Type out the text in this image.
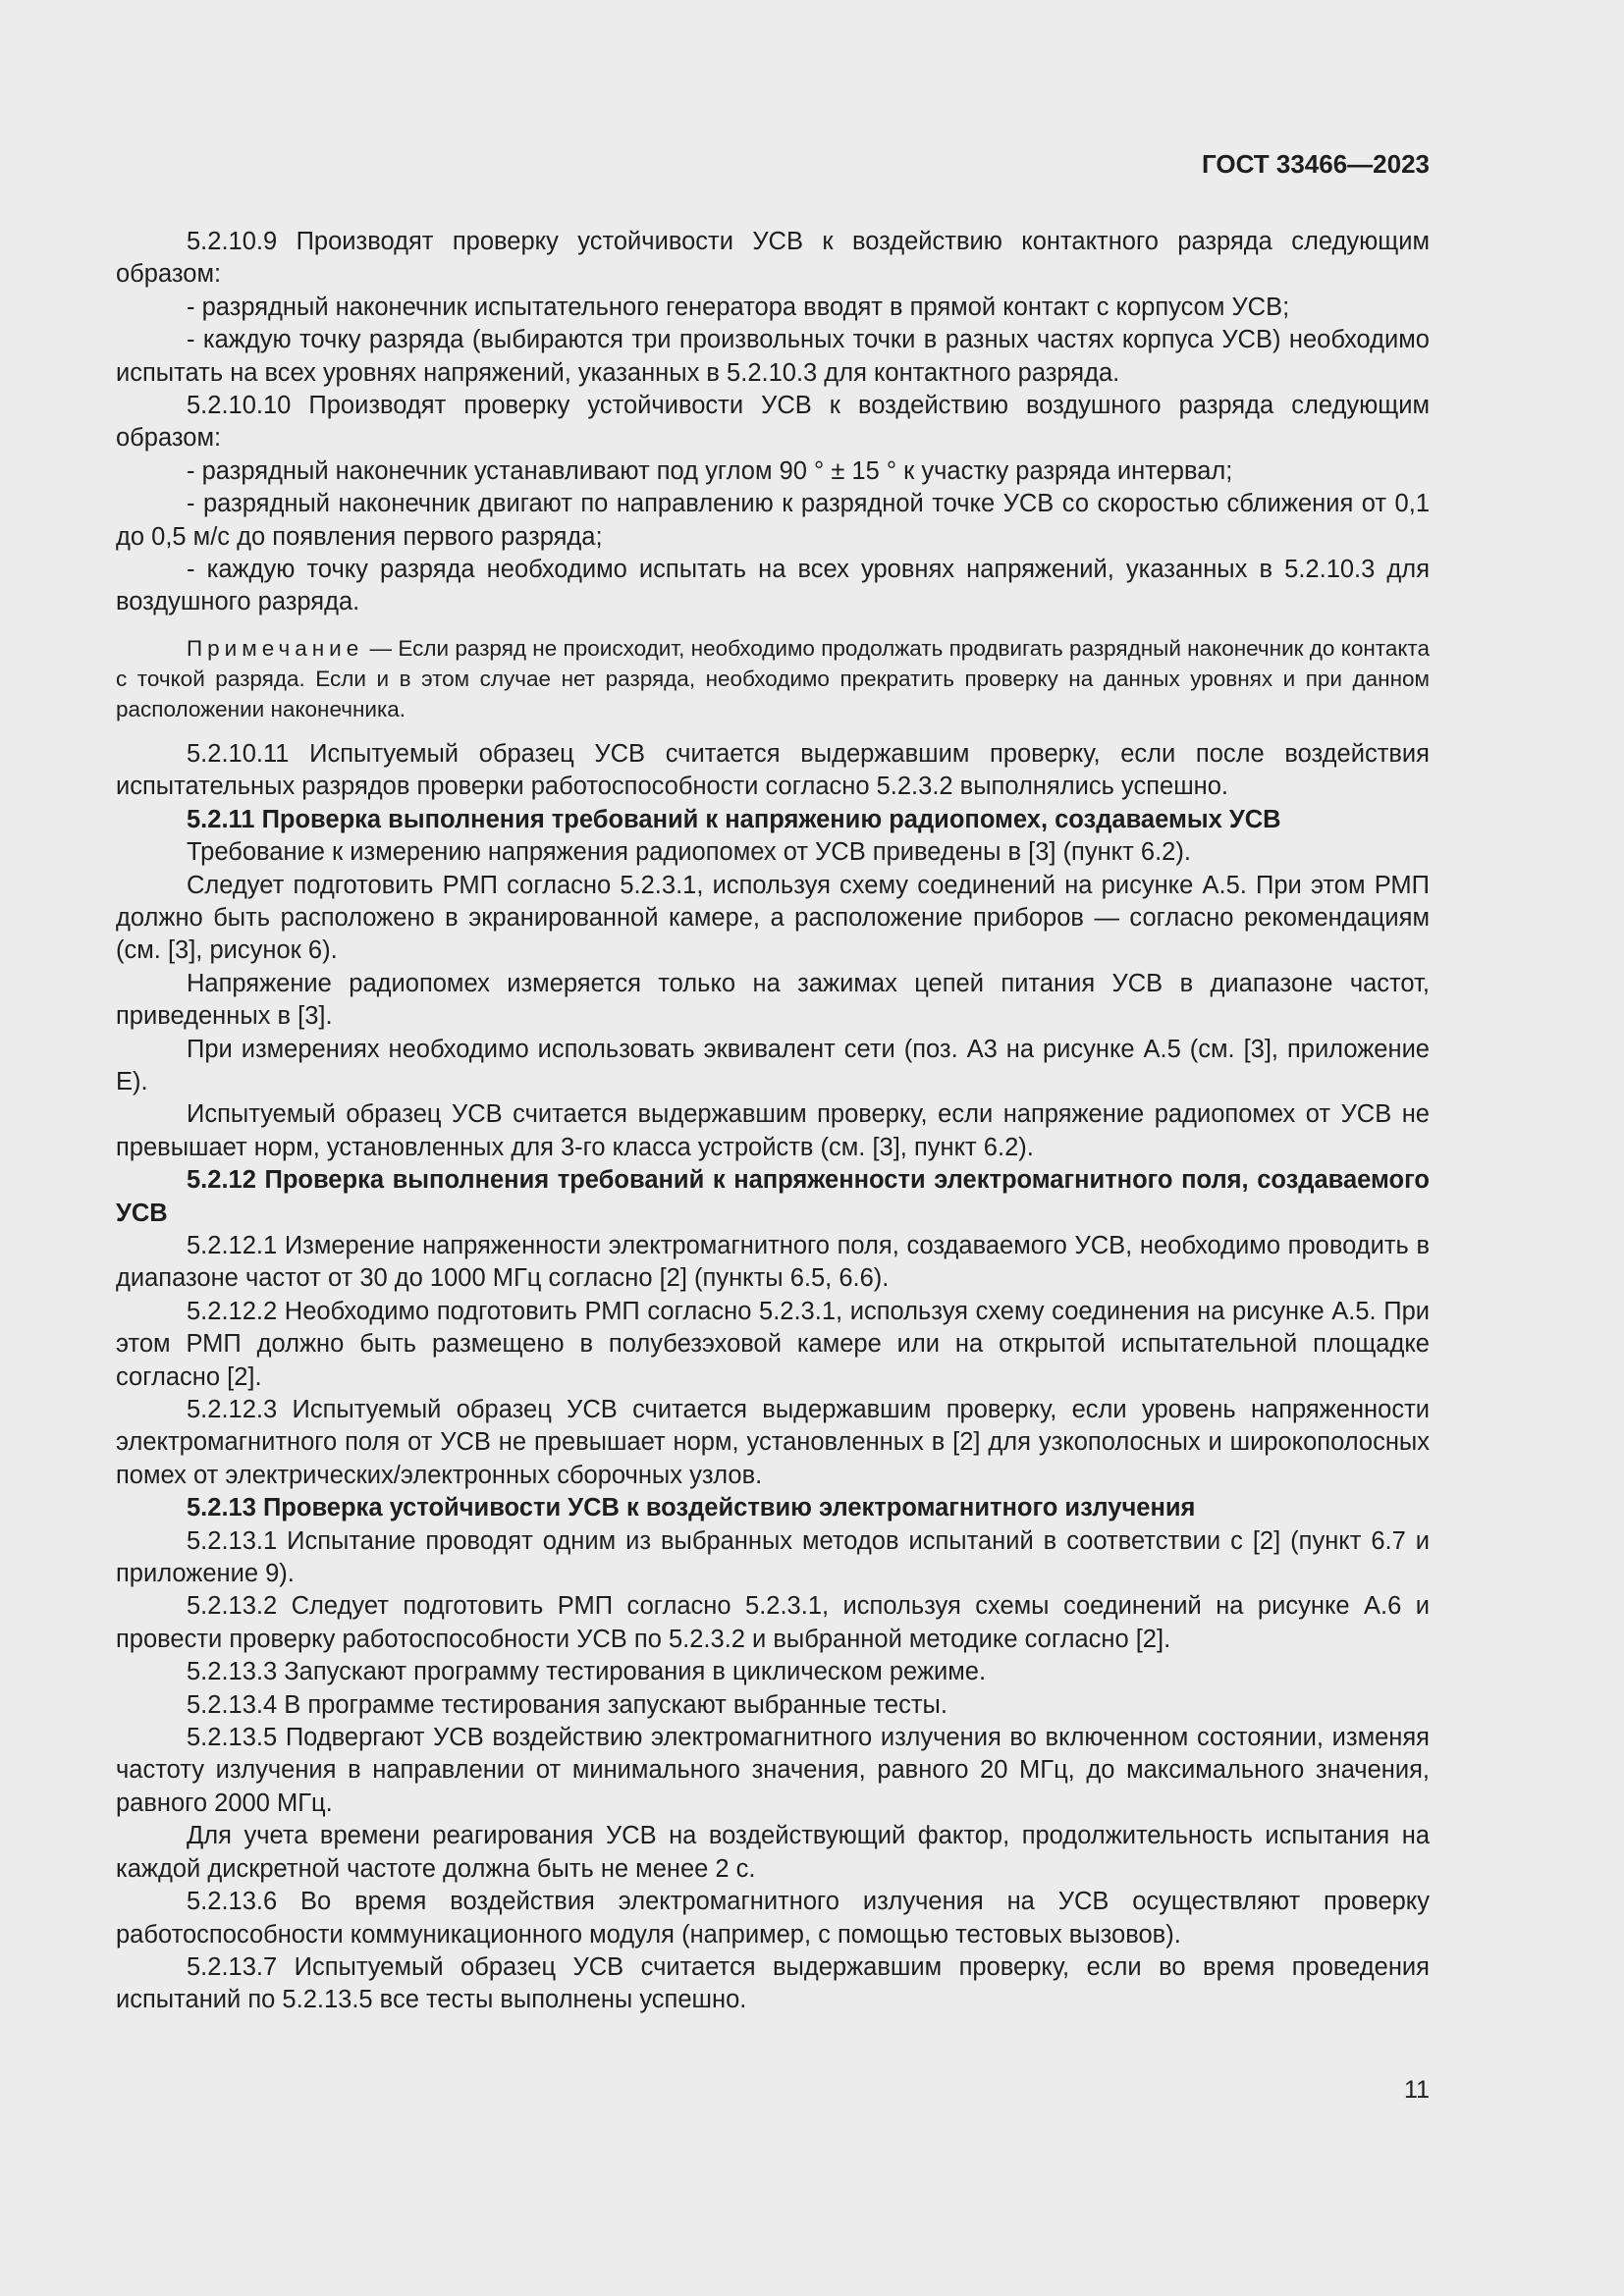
ГОСТ 33466—2023

5.2.10.9 Производят проверку устойчивости УСВ к воздействию контактного разряда следующим образом:

- разрядный наконечник испытательного генератора вводят в прямой контакт с корпусом УСВ;

- каждую точку разряда (выбираются три произвольных точки в разных частях корпуса УСВ) необходимо испытать на всех уровнях напряжений, указанных в 5.2.10.3 для контактного разряда.

5.2.10.10 Производят проверку устойчивости УСВ к воздействию воздушного разряда следующим образом:

- разрядный наконечник устанавливают под углом 90 ° ± 15 ° к участку разряда интервал;

- разрядный наконечник двигают по направлению к разрядной точке УСВ со скоростью сближения от 0,1 до 0,5 м/с до появления первого разряда;

- каждую точку разряда необходимо испытать на всех уровнях напряжений, указанных в 5.2.10.3 для воздушного разряда.

Примечание — Если разряд не происходит, необходимо продолжать продвигать разрядный наконечник до контакта с точкой разряда. Если и в этом случае нет разряда, необходимо прекратить проверку на данных уровнях и при данном расположении наконечника.

5.2.10.11 Испытуемый образец УСВ считается выдержавшим проверку, если после воздействия испытательных разрядов проверки работоспособности согласно 5.2.3.2 выполнялись успешно.

5.2.11 Проверка выполнения требований к напряжению радиопомех, создаваемых УСВ

Требование к измерению напряжения радиопомех от УСВ приведены в [3] (пункт 6.2).

Следует подготовить РМП согласно 5.2.3.1, используя схему соединений на рисунке А.5. При этом РМП должно быть расположено в экранированной камере, а расположение приборов — согласно рекомендациям (см. [3], рисунок 6).

Напряжение радиопомех измеряется только на зажимах цепей питания УСВ в диапазоне частот, приведенных в [3].

При измерениях необходимо использовать эквивалент сети (поз. А3 на рисунке А.5 (см. [3], приложение Е).

Испытуемый образец УСВ считается выдержавшим проверку, если напряжение радиопомех от УСВ не превышает норм, установленных для 3-го класса устройств (см. [3], пункт 6.2).

5.2.12 Проверка выполнения требований к напряженности электромагнитного поля, создаваемого УСВ

5.2.12.1 Измерение напряженности электромагнитного поля, создаваемого УСВ, необходимо проводить в диапазоне частот от 30 до 1000 МГц согласно [2] (пункты 6.5, 6.6).

5.2.12.2 Необходимо подготовить РМП согласно 5.2.3.1, используя схему соединения на рисунке А.5. При этом РМП должно быть размещено в полубезэховой камере или на открытой испытательной площадке согласно [2].

5.2.12.3 Испытуемый образец УСВ считается выдержавшим проверку, если уровень напряженности электромагнитного поля от УСВ не превышает норм, установленных в [2] для узкополосных и широкополосных помех от электрических/электронных сборочных узлов.

5.2.13 Проверка устойчивости УСВ к воздействию электромагнитного излучения

5.2.13.1 Испытание проводят одним из выбранных методов испытаний в соответствии с [2] (пункт 6.7 и приложение 9).

5.2.13.2 Следует подготовить РМП согласно 5.2.3.1, используя схемы соединений на рисунке А.6 и провести проверку работоспособности УСВ по 5.2.3.2 и выбранной методике согласно [2].

5.2.13.3 Запускают программу тестирования в циклическом режиме.

5.2.13.4 В программе тестирования запускают выбранные тесты.

5.2.13.5 Подвергают УСВ воздействию электромагнитного излучения во включенном состоянии, изменяя частоту излучения в направлении от минимального значения, равного 20 МГц, до максимального значения, равного 2000 МГц.

Для учета времени реагирования УСВ на воздействующий фактор, продолжительность испытания на каждой дискретной частоте должна быть не менее 2 с.

5.2.13.6 Во время воздействия электромагнитного излучения на УСВ осуществляют проверку работоспособности коммуникационного модуля (например, с помощью тестовых вызовов).

5.2.13.7 Испытуемый образец УСВ считается выдержавшим проверку, если во время проведения испытаний по 5.2.13.5 все тесты выполнены успешно.

11
